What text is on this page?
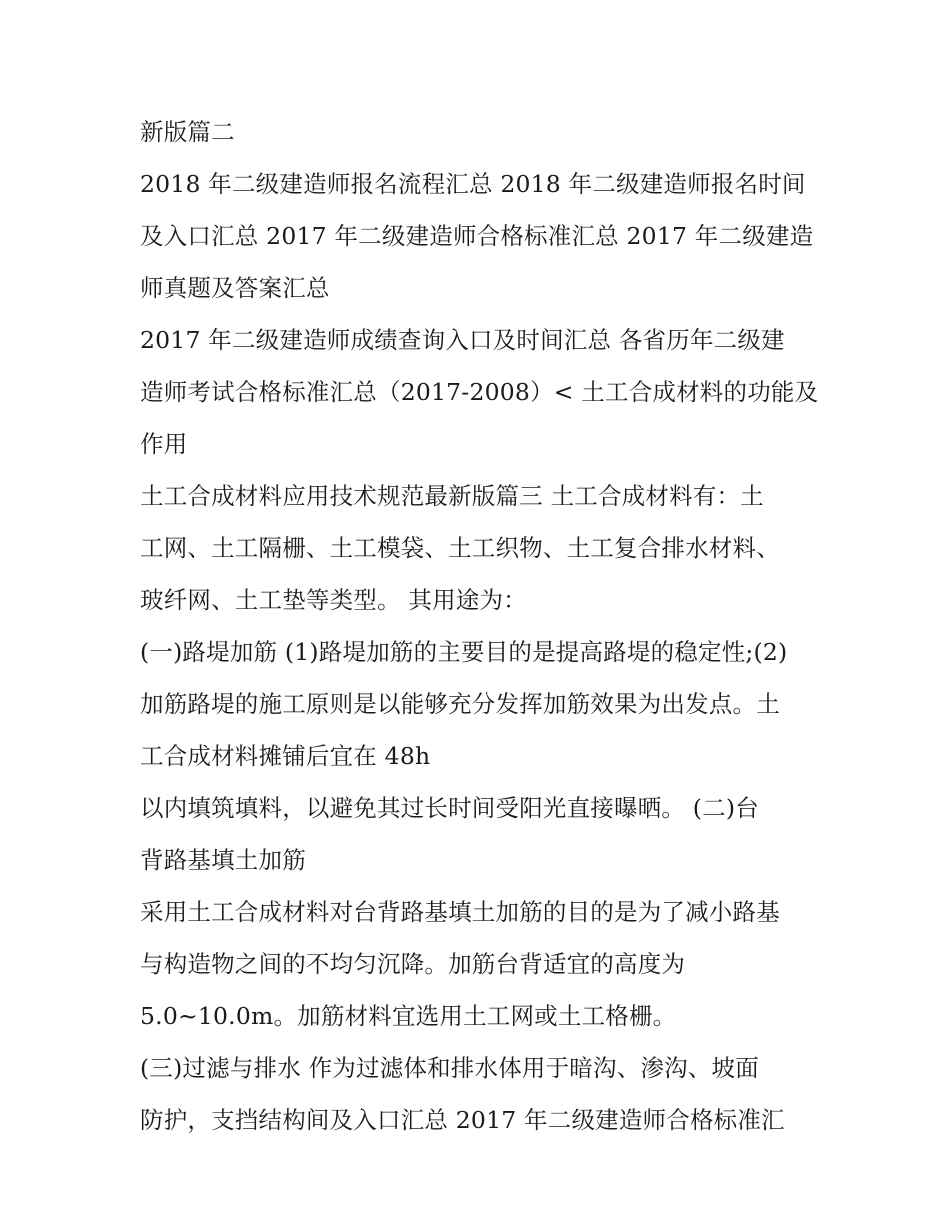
新版篇二
2018 年二级建造师报名流程汇总 2018 年二级建造师报名时间
及入口汇总 2017 年二级建造师合格标准汇总 2017 年二级建造
师真题及答案汇总
2017 年二级建造师成绩查询入口及时间汇总 各省历年二级建
造师考试合格标准汇总（2017-2008）< 土工合成材料的功能及
作用
土工合成材料应用技术规范最新版篇三 土工合成材料有：土
工网、土工隔栅、土工模袋、土工织物、土工复合排水材料、
玻纤网、土工垫等类型。 其用途为：
(一)路堤加筋 (1)路堤加筋的主要目的是提高路堤的稳定性;(2)
加筋路堤的施工原则是以能够充分发挥加筋效果为出发点。土
工合成材料摊铺后宜在 48h
以内填筑填料，以避免其过长时间受阳光直接曝晒。 (二)台
背路基填土加筋
采用土工合成材料对台背路基填土加筋的目的是为了减小路基
与构造物之间的不均匀沉降。加筋台背适宜的高度为
5.0~10.0m。加筋材料宜选用土工网或土工格栅。
(三)过滤与排水 作为过滤体和排水体用于暗沟、渗沟、坡面
防护，支挡结构间及入口汇总 2017 年二级建造师合格标准汇
